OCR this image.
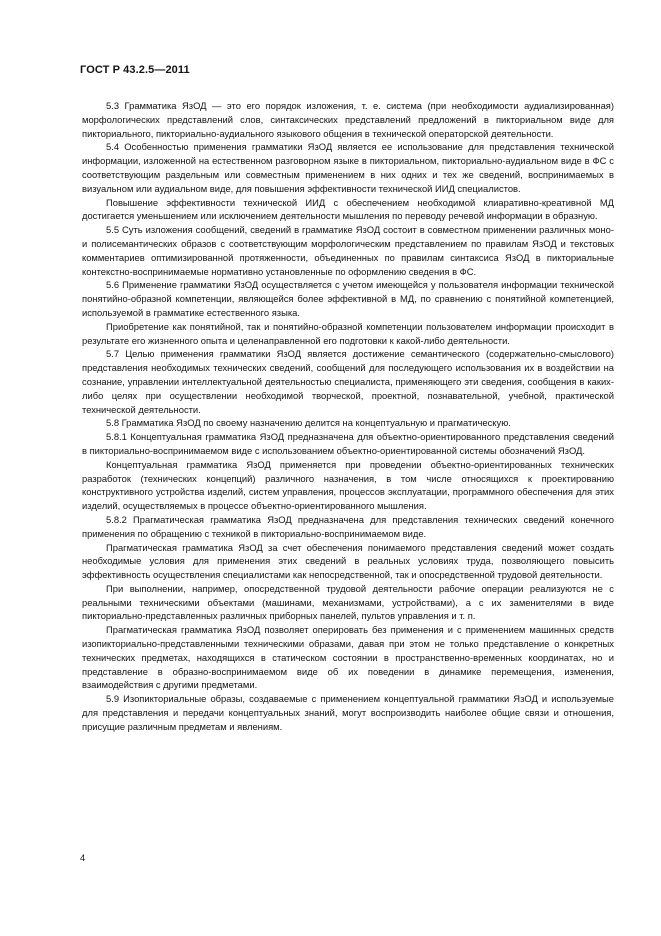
ГОСТ Р 43.2.5—2011

5.3 Грамматика ЯзОД — это его порядок изложения, т. е. система (при необходимости аудиализированная) морфологических представлений слов, синтаксических представлений предложений в пикториальном виде для пикториального, пикториально-аудиального языкового общения в технической операторской деятельности.

5.4 Особенностью применения грамматики ЯзОД является ее использование для представления технической информации, изложенной на естественном разговорном языке в пикториальном, пикториально-аудиальном виде в ФС с соответствующим раздельным или совместным применением в них одних и тех же сведений, воспринимаемых в визуальном или аудиальном виде, для повышения эффективности технической ИИД специалистов.

Повышение эффективности технической ИИД с обеспечением необходимой клиаративно-креативной МД достигается уменьшением или исключением деятельности мышления по переводу речевой информации в образную.

5.5 Суть изложения сообщений, сведений в грамматике ЯзОД состоит в совместном применении различных моно- и полисемантических образов с соответствующим морфологическим представлением по правилам ЯзОД и текстовых комментариев оптимизированной протяженности, объединенных по правилам синтаксиса ЯзОД в пикториальные контекстно-воспринимаемые нормативно установленные по оформлению сведения в ФС.

5.6 Применение грамматики ЯзОД осуществляется с учетом имеющейся у пользователя информации технической понятийно-образной компетенции, являющейся более эффективной в МД, по сравнению с понятийной компетенцией, используемой в грамматике естественного языка.

Приобретение как понятийной, так и понятийно-образной компетенции пользователем информации происходит в результате его жизненного опыта и целенаправленной его подготовки к какой-либо деятельности.

5.7 Целью применения грамматики ЯзОД является достижение семантического (содержательно-смыслового) представления необходимых технических сведений, сообщений для последующего использования их в воздействии на сознание, управлении интеллектуальной деятельностью специалиста, применяющего эти сведения, сообщения в каких-либо целях при осуществлении необходимой творческой, проектной, познавательной, учебной, практической технической деятельности.

5.8 Грамматика ЯзОД по своему назначению делится на концептуальную и прагматическую.

5.8.1 Концептуальная грамматика ЯзОД предназначена для объектно-ориентированного представления сведений в пикториально-воспринимаемом виде с использованием объектно-ориентированной системы обозначений ЯзОД.

Концептуальная грамматика ЯзОД применяется при проведении объектно-ориентированных технических разработок (технических концепций) различного назначения, в том числе относящихся к проектированию конструктивного устройства изделий, систем управления, процессов эксплуатации, программного обеспечения для этих изделий, осуществляемых в процессе объектно-ориентированного мышления.

5.8.2 Прагматическая грамматика ЯзОД предназначена для представления технических сведений конечного применения по обращению с техникой в пикториально-воспринимаемом виде.

Прагматическая грамматика ЯзОД за счет обеспечения понимаемого представления сведений может создать необходимые условия для применения этих сведений в реальных условиях труда, позволяющего повысить эффективность осуществления специалистами как непосредственной, так и опосредственной трудовой деятельности.

При выполнении, например, опосредственной трудовой деятельности рабочие операции реализуются не с реальными техническими объектами (машинами, механизмами, устройствами), а с их заменителями в виде пикториально-представленных различных приборных панелей, пультов управления и т. п.

Прагматическая грамматика ЯзОД позволяет оперировать без применения и с применением машинных средств изопикториально-представленными техническими образами, давая при этом не только представление о конкретных технических предметах, находящихся в статическом состоянии в пространственно-временных координатах, но и представление в образно-воспринимаемом виде об их поведении в динамике перемещения, изменения, взаимодействия с другими предметами.

5.9 Изопикториальные образы, создаваемые с применением концептуальной грамматики ЯзОД и используемые для представления и передачи концептуальных знаний, могут воспроизводить наиболее общие связи и отношения, присущие различным предметам и явлениям.

4
